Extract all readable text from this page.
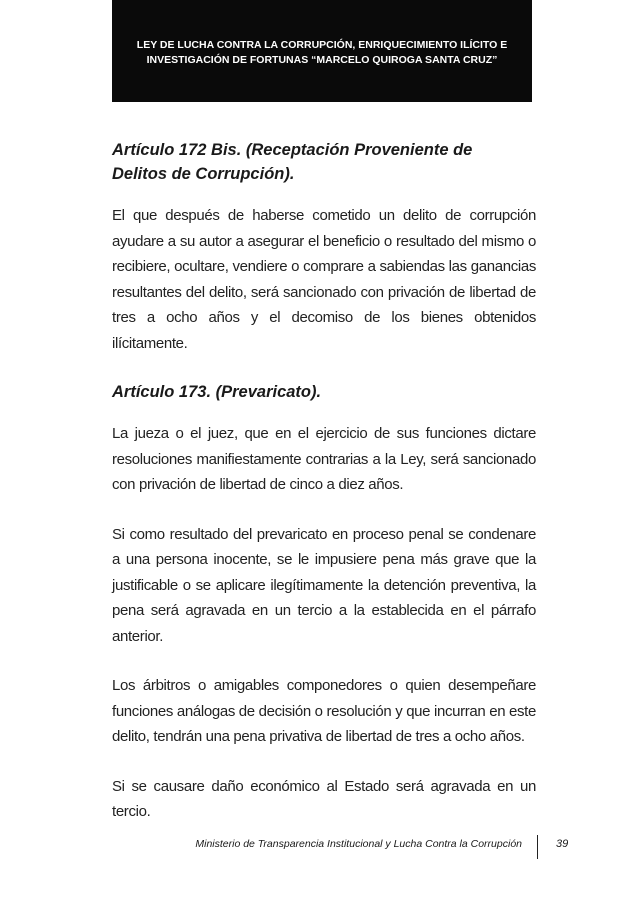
LEY DE LUCHA CONTRA LA CORRUPCIÓN, ENRIQUECIMIENTO ILÍCITO E
INVESTIGACIÓN DE FORTUNAS “MARCELO QUIROGA SANTA CRUZ”
Artículo 172 Bis. (Receptación Proveniente de
Delitos de Corrupción).

El que después de haberse cometido un delito de corrupción ayudare a su autor a asegurar el beneficio o resultado del mismo o recibiere, ocultare, vendiere o comprare a sabiendas las ganancias resultantes del delito, será sancionado con privación de libertad de tres a ocho años y el decomiso de los bienes obtenidos ilícitamente.

Artículo 173. (Prevaricato).

La jueza o el juez, que en el ejercicio de sus funciones dictare resoluciones manifiestamente contrarias a la Ley, será sancionado con privación de libertad de cinco a diez años.

Si como resultado del prevaricato en proceso penal se condenare a una persona inocente, se le impusiere pena más grave que la justificable o se aplicare ilegítimamente la detención preventiva, la pena será agravada en un tercio a la establecida en el párrafo anterior.

Los árbitros o amigables componedores o quien desempeñare funciones análogas de decisión o resolución y que incurran en este delito, tendrán una pena privativa de libertad de tres a ocho años.

Si se causare daño económico al Estado será agravada en un tercio.

Ministerio de Transparencia Institucional y Lucha Contra la Corrupción	39
